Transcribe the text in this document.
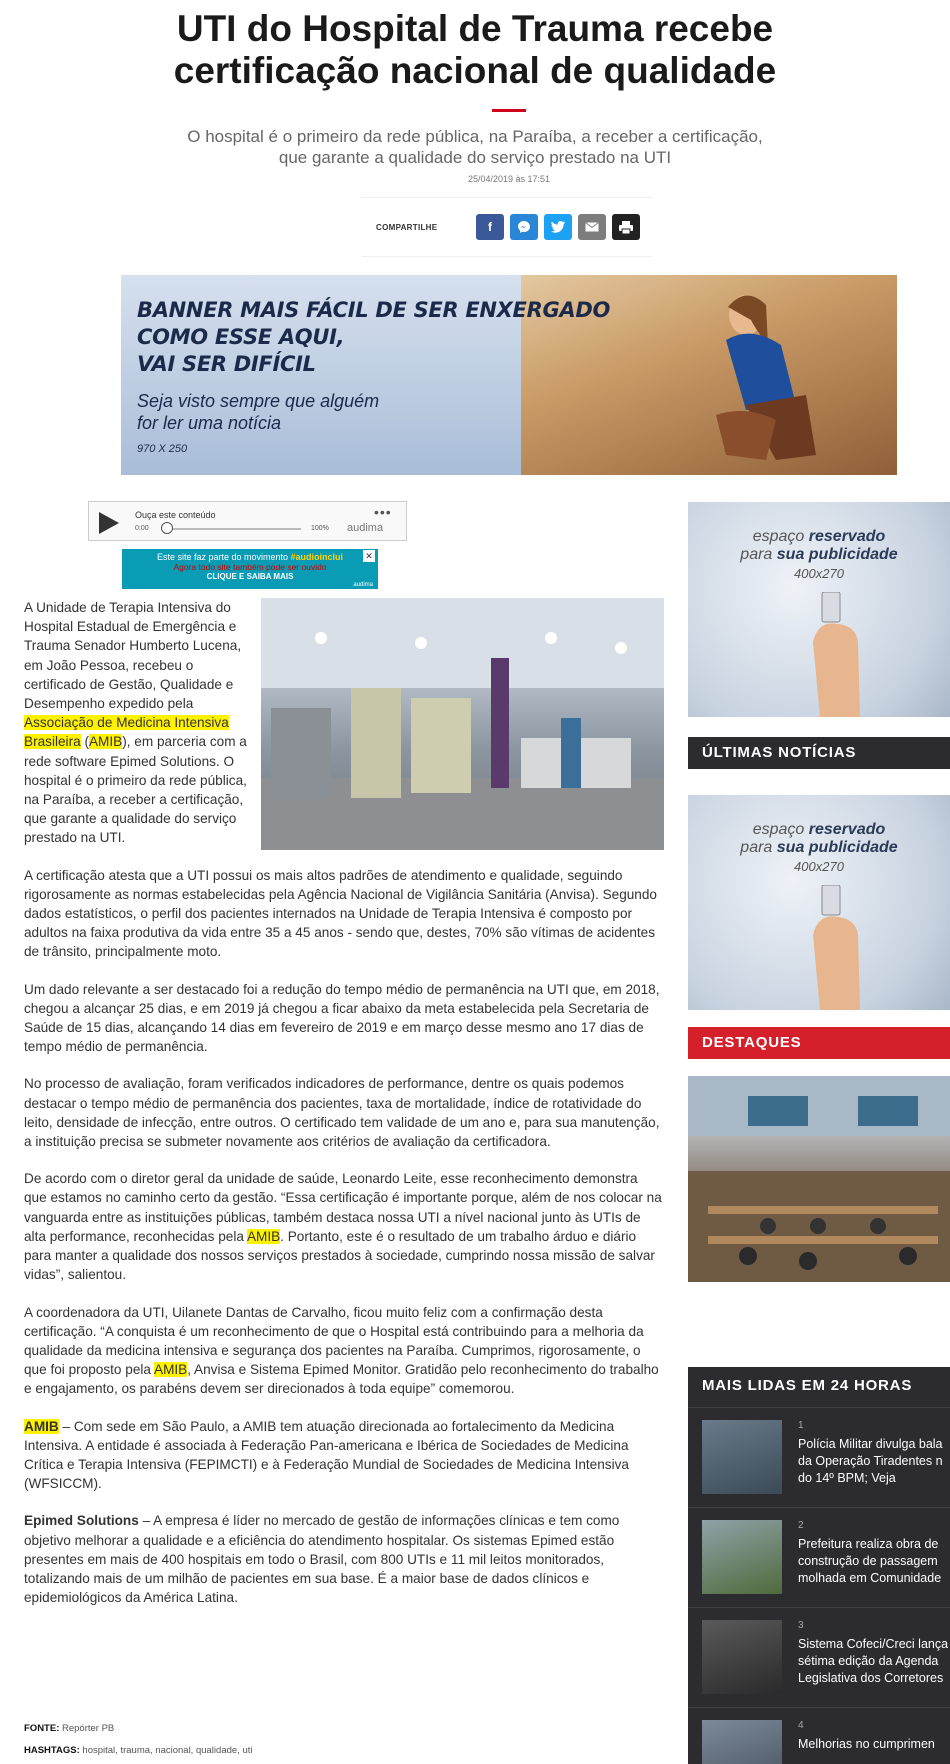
UTI do Hospital de Trauma recebe certificação nacional de qualidade

O hospital é o primeiro da rede pública, na Paraíba, a receber a certificação, que garante a qualidade do serviço prestado na UTI

25/04/2019 às 17:51
COMPARTILHE	f
BANNER MAIS FÁCIL DE SER ENXERGADO
COMO ESSE AQUI,
VAI SER DIFÍCIL
Seja visto sempre que alguém
for ler uma notícia
970 X 250
Ouça este conteúdo
0:00	100%
•••
audima
Este site faz parte do movimento #audioinclui
Agora todo site também pode ser ouvido
CLIQUE E SAIBA MAIS
✕
audima

A Unidade de Terapia Intensiva do Hospital Estadual de Emergência e Trauma Senador Humberto Lucena, em João Pessoa, recebeu o certificado de Gestão, Qualidade e Desempenho expedido pela Associação de Medicina Intensiva Brasileira (AMIB), em parceria com a rede software Epimed Solutions. O hospital é o primeiro da rede pública, na Paraíba, a receber a certificação, que garante a qualidade do serviço prestado na UTI.

A certificação atesta que a UTI possui os mais altos padrões de atendimento e qualidade, seguindo rigorosamente as normas estabelecidas pela Agência Nacional de Vigilância Sanitária (Anvisa). Segundo dados estatísticos, o perfil dos pacientes internados na Unidade de Terapia Intensiva é composto por adultos na faixa produtiva da vida entre 35 a 45 anos - sendo que, destes, 70% são vítimas de acidentes de trânsito, principalmente moto.

Um dado relevante a ser destacado foi a redução do tempo médio de permanência na UTI que, em 2018, chegou a alcançar 25 dias, e em 2019 já chegou a ficar abaixo da meta estabelecida pela Secretaria de Saúde de 15 dias, alcançando 14 dias em fevereiro de 2019 e em março desse mesmo ano 17 dias de tempo médio de permanência.

No processo de avaliação, foram verificados indicadores de performance, dentre os quais podemos destacar o tempo médio de permanência dos pacientes, taxa de mortalidade, índice de rotatividade do leito, densidade de infecção, entre outros. O certificado tem validade de um ano e, para sua manutenção, a instituição precisa se submeter novamente aos critérios de avaliação da certificadora.

De acordo com o diretor geral da unidade de saúde, Leonardo Leite, esse reconhecimento demonstra que estamos no caminho certo da gestão. “Essa certificação é importante porque, além de nos colocar na vanguarda entre as instituições públicas, também destaca nossa UTI a nível nacional junto às UTIs de alta performance, reconhecidas pela AMIB. Portanto, este é o resultado de um trabalho árduo e diário para manter a qualidade dos nossos serviços prestados à sociedade, cumprindo nossa missão de salvar vidas”, salientou.

A coordenadora da UTI, Uilanete Dantas de Carvalho, ficou muito feliz com a confirmação desta certificação. “A conquista é um reconhecimento de que o Hospital está contribuindo para a melhoria da qualidade da medicina intensiva e segurança dos pacientes na Paraíba. Cumprimos, rigorosamente, o que foi proposto pela AMIB, Anvisa e Sistema Epimed Monitor. Gratidão pelo reconhecimento do trabalho e engajamento, os parabéns devem ser direcionados à toda equipe” comemorou.

AMIB – Com sede em São Paulo, a AMIB tem atuação direcionada ao fortalecimento da Medicina Intensiva. A entidade é associada à Federação Pan-americana e Ibérica de Sociedades de Medicina Crítica e Terapia Intensiva (FEPIMCTI) e à Federação Mundial de Sociedades de Medicina Intensiva (WFSICCM).

Epimed Solutions – A empresa é líder no mercado de gestão de informações clínicas e tem como objetivo melhorar a qualidade e a eficiência do atendimento hospitalar. Os sistemas Epimed estão presentes em mais de 400 hospitais em todo o Brasil, com 800 UTIs e 11 mil leitos monitorados, totalizando mais de um milhão de pacientes em sua base. É a maior base de dados clínicos e epidemiológicos da América Latina.

FONTE: Repórter PB
HASHTAGS: hospital, trauma, nacional, qualidade, uti
espaço reservado
para sua publicidade
400x270
ÚLTIMAS NOTÍCIAS
espaço reservado
para sua publicidade
400x270
DESTAQUES
MAIS LIDAS EM 24 HORAS
1
Polícia Militar divulga bala
da Operação Tiradentes n
do 14º BPM; Veja
2
Prefeitura realiza obra de
construção de passagem
molhada em Comunidade
3
Sistema Cofeci/Creci lança
sétima edição da Agenda
Legislativa dos Corretores
4
Melhorias no cumprimen
